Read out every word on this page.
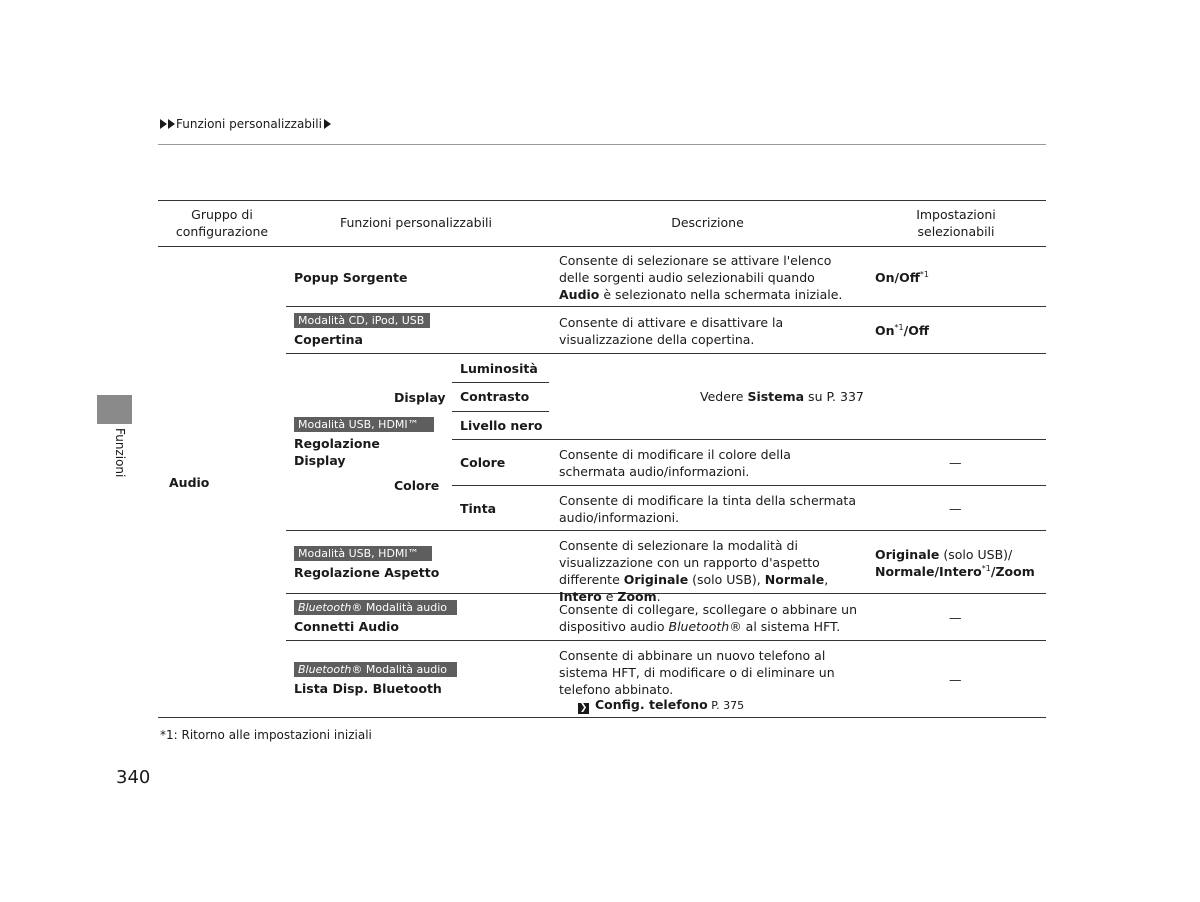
Funzioni personalizzabili
Funzioni
Gruppo di configurazione
Funzioni personalizzabili	Descrizione
Impostazioni selezionabili
Audio
Popup Sorgente
Consente di selezionare se attivare l'elenco delle sorgenti audio selezionabili quando Audio è selezionato nella schermata iniziale.
On/Off$^{*1}$
Modalità CD, iPod, USB
Copertina
Consente di attivare e disattivare la visualizzazione della copertina.
On$^{*1}$/Off
Modalità USB, HDMI™
Regolazione Display
Display
Colore
Luminosità
Contrasto
Livello nero
Vedere Sistema su P. 337
Colore
Consente di modificare il colore della schermata audio/informazioni.
—
Tinta
Consente di modificare la tinta della schermata audio/informazioni.
—
Modalità USB, HDMI™
Regolazione Aspetto
Consente di selezionare la modalità di visualizzazione con un rapporto d'aspetto differente Originale (solo USB), Normale, Intero e Zoom.
Originale (solo USB)/
Normale/Intero$^{*1}$/Zoom
Bluetooth® Modalità audio
Connetti Audio
Consente di collegare, scollegare o abbinare un dispositivo audio Bluetooth® al sistema HFT.
—
Bluetooth® Modalità audio
Lista Disp. Bluetooth
Consente di abbinare un nuovo telefono al sistema HFT, di modificare o di eliminare un
telefono abbinato.
❯ Config. telefono P. 375
—
*1: Ritorno alle impostazioni iniziali
340
